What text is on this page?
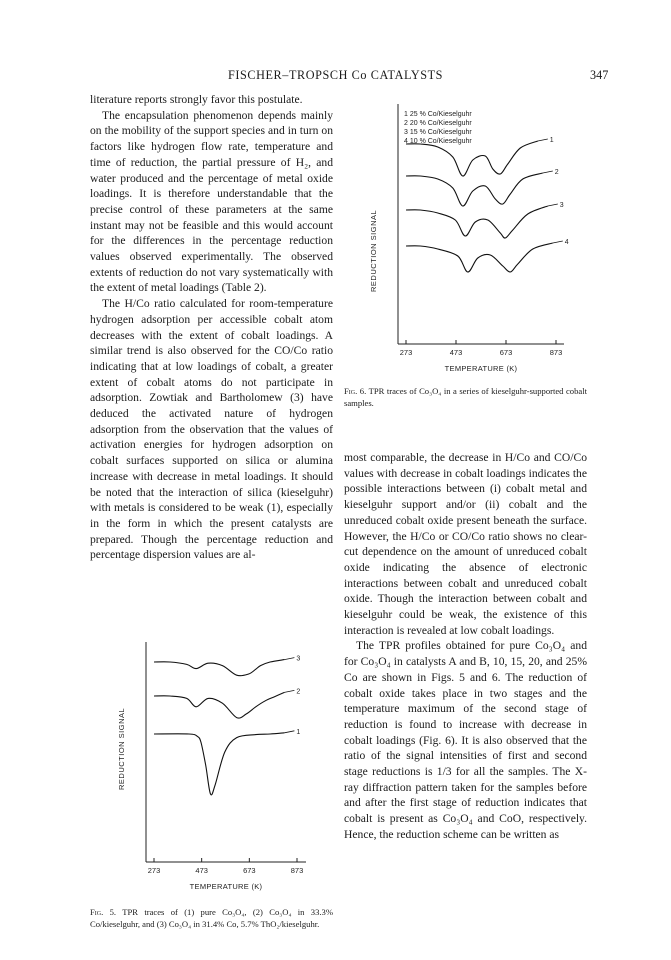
FISCHER–TROPSCH Co CATALYSTS	347

literature reports strongly favor this postulate.

The encapsulation phenomenon depends mainly on the mobility of the support species and in turn on factors like hydrogen flow rate, temperature and time of reduction, the partial pressure of H₂, and water produced and the percentage of metal oxide loadings. It is therefore understandable that the precise control of these parameters at the same instant may not be feasible and this would account for the differences in the percentage reduction values observed experimentally. The observed extents of reduction do not vary systematically with the extent of metal loadings (Table 2).

The H/Co ratio calculated for room-temperature hydrogen adsorption per accessible cobalt atom decreases with the extent of cobalt loadings. A similar trend is also observed for the CO/Co ratio indicating that at low loadings of cobalt, a greater extent of cobalt atoms do not participate in adsorption. Zowtiak and Bartholomew (3) have deduced the activated nature of hydrogen adsorption from the observation that the values of activation energies for hydrogen adsorption on cobalt surfaces supported on silica or alumina increase with decrease in metal loadings. It should be noted that the interaction of silica (kieselguhr) with metals is considered to be weak (1), especially in the form in which the present catalysts are prepared. Though the percentage reduction and percentage dispersion values are al-

most comparable, the decrease in H/Co and CO/Co values with decrease in cobalt loadings indicates the possible interactions between (i) cobalt metal and kieselguhr support and/or (ii) cobalt and the unreduced cobalt oxide present beneath the surface. However, the H/Co or CO/Co ratio shows no clear-cut dependence on the amount of unreduced cobalt oxide indicating the absence of electronic interactions between cobalt and unreduced cobalt oxide. Though the interaction between cobalt and kieselguhr could be weak, the existence of this interaction is revealed at low cobalt loadings.

The TPR profiles obtained for pure Co₃O₄ and for Co₃O₄ in catalysts A and B, 10, 15, 20, and 25% Co are shown in Figs. 5 and 6. The reduction of cobalt oxide takes place in two stages and the temperature maximum of the second stage of reduction is found to increase with decrease in cobalt loadings (Fig. 6). It is also observed that the ratio of the signal intensities of first and second stage reductions is 1/3 for all the samples. The X-ray diffraction pattern taken for the samples before and after the first stage of reduction indicates that cobalt is present as Co₃O₄ and CoO, respectively. Hence, the reduction scheme can be written as

1 25 % Co/Kieselguhr
2 20 % Co/Kieselguhr
3 15 % Co/Kieselguhr
4 10 % Co/Kieselguhr
4
3
2
1
273	473	673	873
REDUCTION SIGNAL
TEMPERATURE (K)
Fig. 6. TPR traces of Co₃O₄ in a series of kieselguhr-supported cobalt samples.
3
2
1
273	473	673	873
REDUCTION SIGNAL
TEMPERATURE (K)
Fig. 5. TPR traces of (1) pure Co₃O₄, (2) Co₃O₄ in 33.3% Co/kieselguhr, and (3) Co₃O₄ in 31.4% Co, 5.7% ThO₂/kieselguhr.
